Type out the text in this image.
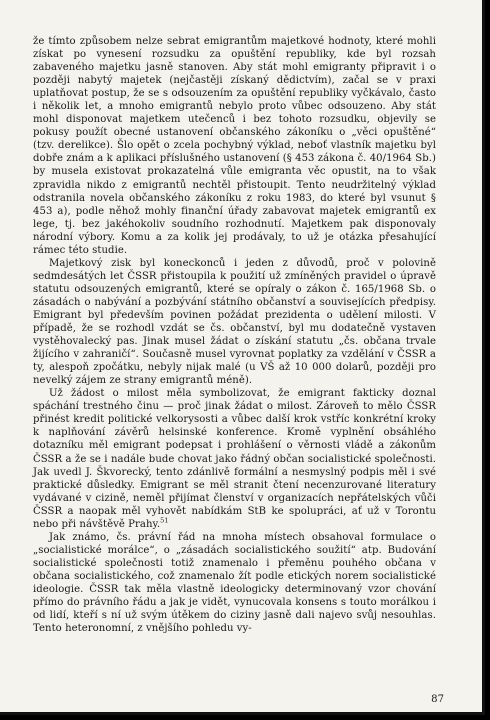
že tímto způsobem nelze sebrat emigrantům majetkové hodnoty, které mohli získat po vynesení rozsudku za opuštění republiky, kde byl rozsah zabaveného majetku jasně stanoven. Aby stát mohl emigranty připravit i o později nabytý majetek (nejčastěji získaný dědictvím), začal se v praxi uplatňovat postup, že se s odsouzením za opuštění republiky vyčkávalo, často i několik let, a mnoho emigrantů nebylo proto vůbec odsouzeno. Aby stát mohl disponovat majetkem utečenců i bez tohoto rozsudku, objevily se pokusy použít obecné ustanovení občanského zákoníku o „věci opuštěné“ (tzv. derelikce). Šlo opět o zcela pochybný výklad, neboť vlastník majetku byl dobře znám a k aplikaci příslušného ustanovení (§ 453 zákona č. 40/1964 Sb.) by musela existovat prokazatelná vůle emigranta věc opustit, na to však zpravidla nikdo z emigrantů nechtěl přistoupit. Tento neudržitelný výklad odstranila novela občanského zákoníku z roku 1983, do které byl vsunut § 453 a), podle něhož mohly finanční úřady zabavovat majetek emigrantů ex lege, tj. bez jakéhokoliv soudního rozhodnutí. Majetkem pak disponovaly národní výbory. Komu a za kolik jej prodávaly, to už je otázka přesahující rámec této studie.

Majetkový zisk byl koneckonců i jeden z důvodů, proč v polovině sedmdesátých let ČSSR přistoupila k použití už zmíněných pravidel o úpravě statutu odsouzených emigrantů, které se opíraly o zákon č. 165/1968 Sb. o zásadách o nabývání a pozbývání státního občanství a souvisejících předpisy. Emigrant byl především povinen požádat prezidenta o udělení milosti. V případě, že se rozhodl vzdát se čs. občanství, byl mu dodatečně vystaven vystěhovalecký pas. Jinak musel žádat o získání statutu „čs. občana trvale žijícího v zahraničí“. Současně musel vyrovnat poplatky za vzdělání v ČSSR a ty, alespoň zpočátku, nebyly nijak malé (u VŠ až 10 000 dolarů, později pro nevelký zájem ze strany emigrantů méně).

Už žádost o milost měla symbolizovat, že emigrant fakticky doznal spáchání trestného činu — proč jinak žádat o milost. Zároveň to mělo ČSSR přinést kredit politické velkorysosti a vůbec další krok vstříc konkrétní kroky k naplňování závěrů helsinské konference. Kromě vyplnění obsáhlého dotazníku měl emigrant podepsat i prohlášení o věrnosti vládě a zákonům ČSSR a že se i nadále bude chovat jako řádný občan socialistické společnosti. Jak uvedl J. Škvorecký, tento zdánlivě formální a nesmyslný podpis měl i své praktické důsledky. Emigrant se měl stranit čtení necenzurované literatury vydávané v cizině, neměl přijímat členství v organizacích nepřátelských vůči ČSSR a naopak měl vyhovět nabídkám StB ke spolupráci, ať už v Torontu nebo při návštěvě Prahy.$^{51}$

Jak známo, čs. právní řád na mnoha místech obsahoval formulace o „socialistické morálce“, o „zásadách socialistického soužití“ atp. Budování socialistické společnosti totiž znamenalo i přeměnu pouhého občana v občana socialistického, což znamenalo žít podle etických norem socialistické ideologie. ČSSR tak měla vlastně ideologicky determinovaný vzor chování přímo do právního řádu a jak je vidět, vynucovala konsens s touto morálkou i od lidí, kteří s ní už svým útěkem do ciziny jasně dali najevo svůj nesouhlas. Tento heteronomní, z vnějšího pohledu vy-

87
